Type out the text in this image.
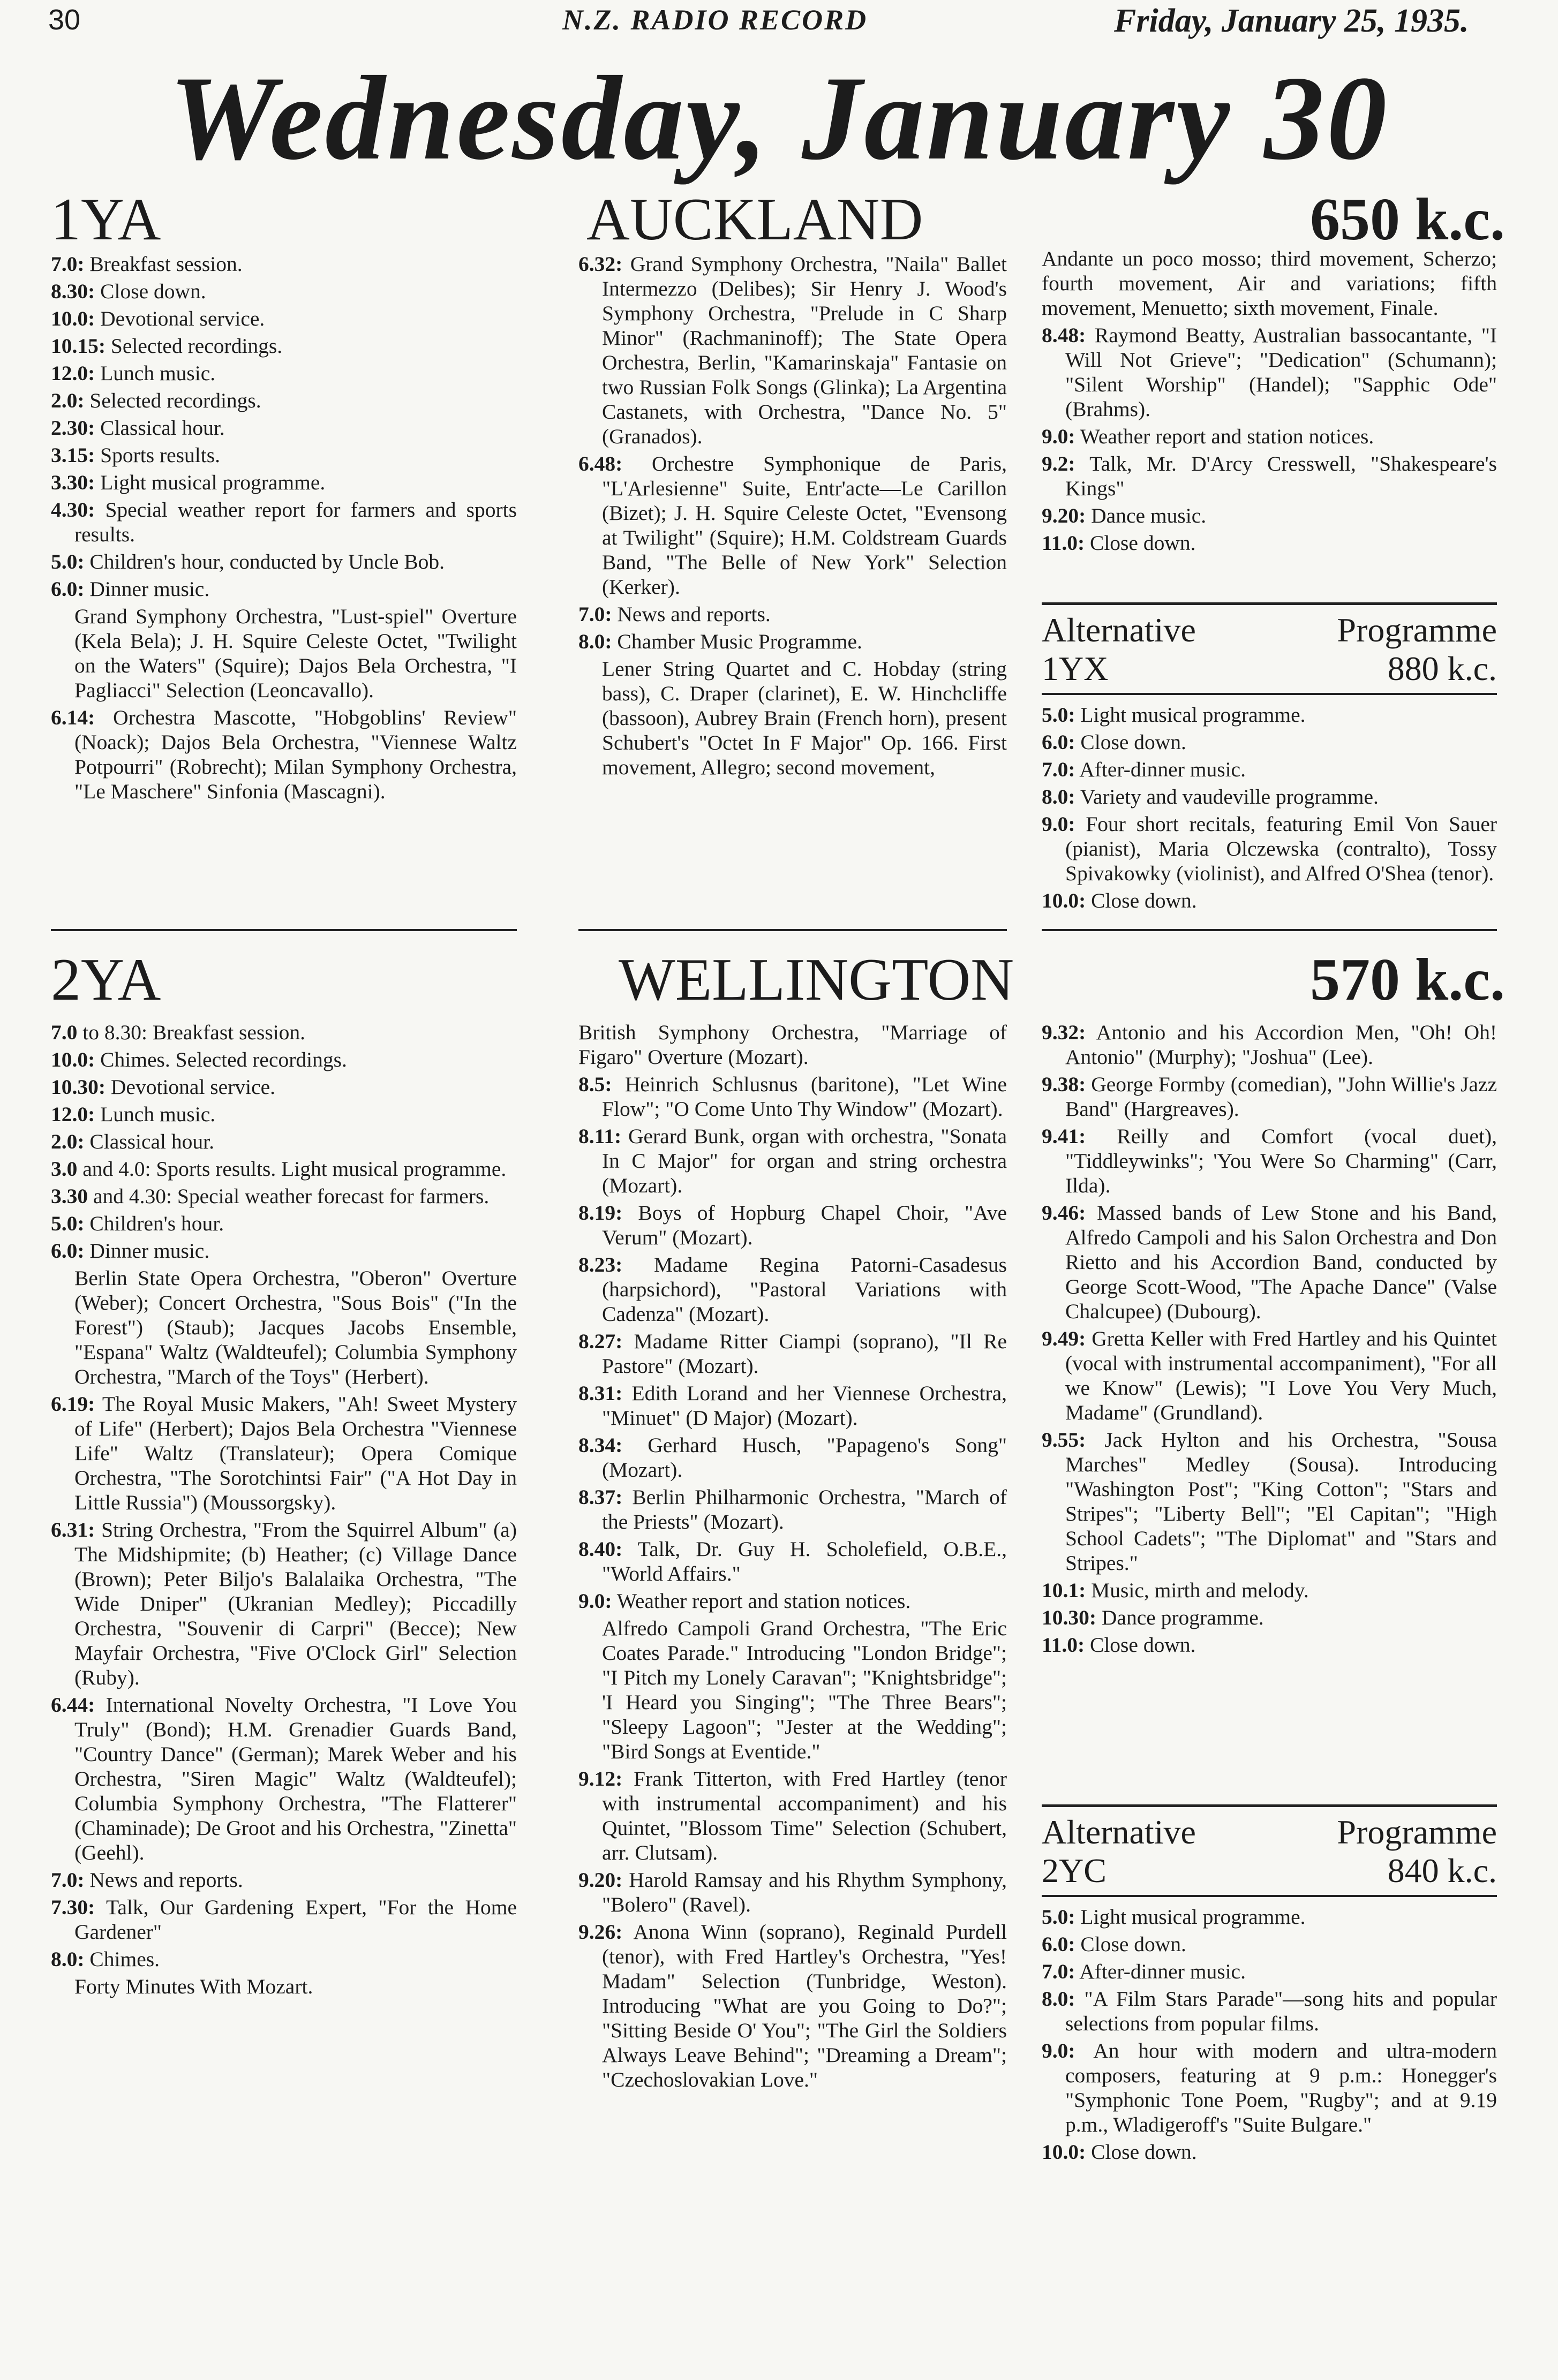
30	N.Z. RADIO RECORD	Friday, January 25, 1935.
Wednesday, January 30
1YA	AUCKLAND	650 k.c.

7.0: Breakfast session.

8.30: Close down.

10.0: Devotional service.

10.15: Selected recordings.

12.0: Lunch music.

2.0: Selected recordings.

2.30: Classical hour.

3.15: Sports results.

3.30: Light musical programme.

4.30: Special weather report for farmers and sports results.

5.0: Children's hour, conducted by Uncle Bob.

6.0: Dinner music.

Grand Symphony Orchestra, "Lust-spiel" Overture (Kela Bela); J. H. Squire Celeste Octet, "Twilight on the Waters" (Squire); Dajos Bela Orchestra, "I Pagliacci" Selection (Leoncavallo).

6.14: Orchestra Mascotte, "Hobgoblins' Review" (Noack); Dajos Bela Orchestra, "Viennese Waltz Potpourri" (Robrecht); Milan Symphony Orchestra, "Le Maschere" Sinfonia (Mascagni).

6.32: Grand Symphony Orchestra, "Naila" Ballet Intermezzo (Delibes); Sir Henry J. Wood's Symphony Orchestra, "Prelude in C Sharp Minor" (Rachmaninoff); The State Opera Orchestra, Berlin, "Kamarinskaja" Fantasie on two Russian Folk Songs (Glinka); La Argentina Castanets, with Orchestra, "Dance No. 5" (Granados).

6.48: Orchestre Symphonique de Paris, "L'Arlesienne" Suite, Entr'acte—Le Carillon (Bizet); J. H. Squire Celeste Octet, "Evensong at Twilight" (Squire); H.M. Coldstream Guards Band, "The Belle of New York" Selection (Kerker).

7.0: News and reports.

8.0: Chamber Music Programme.

Lener String Quartet and C. Hobday (string bass), C. Draper (clarinet), E. W. Hinchcliffe (bassoon), Aubrey Brain (French horn), present Schubert's "Octet In F Major" Op. 166. First movement, Allegro; second movement,

Andante un poco mosso; third movement, Scherzo; fourth movement, Air and variations; fifth movement, Menuetto; sixth movement, Finale.

8.48: Raymond Beatty, Australian bassocantante, "I Will Not Grieve"; "Dedication" (Schumann); "Silent Worship" (Handel); "Sapphic Ode" (Brahms).

9.0: Weather report and station notices.

9.2: Talk, Mr. D'Arcy Cresswell, "Shakespeare's Kings"

9.20: Dance music.

11.0: Close down.

Alternative	Programme
1YX	880 k.c.

5.0: Light musical programme.

6.0: Close down.

7.0: After-dinner music.

8.0: Variety and vaudeville programme.

9.0: Four short recitals, featuring Emil Von Sauer (pianist), Maria Olczewska (contralto), Tossy Spivakowky (violinist), and Alfred O'Shea (tenor).

10.0: Close down.

2YA	WELLINGTON	570 k.c.

7.0 to 8.30: Breakfast session.

10.0: Chimes. Selected recordings.

10.30: Devotional service.

12.0: Lunch music.

2.0: Classical hour.

3.0 and 4.0: Sports results. Light musical programme.

3.30 and 4.30: Special weather forecast for farmers.

5.0: Children's hour.

6.0: Dinner music.

Berlin State Opera Orchestra, "Oberon" Overture (Weber); Concert Orchestra, "Sous Bois" ("In the Forest") (Staub); Jacques Jacobs Ensemble, "Espana" Waltz (Waldteufel); Columbia Symphony Orchestra, "March of the Toys" (Herbert).

6.19: The Royal Music Makers, "Ah! Sweet Mystery of Life" (Herbert); Dajos Bela Orchestra "Viennese Life" Waltz (Translateur); Opera Comique Orchestra, "The Sorotchintsi Fair" ("A Hot Day in Little Russia") (Moussorgsky).

6.31: String Orchestra, "From the Squirrel Album" (a) The Midshipmite; (b) Heather; (c) Village Dance (Brown); Peter Biljo's Balalaika Orchestra, "The Wide Dniper" (Ukranian Medley); Piccadilly Orchestra, "Souvenir di Carpri" (Becce); New Mayfair Orchestra, "Five O'Clock Girl" Selection (Ruby).

6.44: International Novelty Orchestra, "I Love You Truly" (Bond); H.M. Grenadier Guards Band, "Country Dance" (German); Marek Weber and his Orchestra, "Siren Magic" Waltz (Waldteufel); Columbia Symphony Orchestra, "The Flatterer" (Chaminade); De Groot and his Orchestra, "Zinetta" (Geehl).

7.0: News and reports.

7.30: Talk, Our Gardening Expert, "For the Home Gardener"

8.0: Chimes.

Forty Minutes With Mozart.

British Symphony Orchestra, "Marriage of Figaro" Overture (Mozart).

8.5: Heinrich Schlusnus (baritone), "Let Wine Flow"; "O Come Unto Thy Window" (Mozart).

8.11: Gerard Bunk, organ with orchestra, "Sonata In C Major" for organ and string orchestra (Mozart).

8.19: Boys of Hopburg Chapel Choir, "Ave Verum" (Mozart).

8.23: Madame Regina Patorni-Casadesus (harpsichord), "Pastoral Variations with Cadenza" (Mozart).

8.27: Madame Ritter Ciampi (soprano), "Il Re Pastore" (Mozart).

8.31: Edith Lorand and her Viennese Orchestra, "Minuet" (D Major) (Mozart).

8.34: Gerhard Husch, "Papageno's Song" (Mozart).

8.37: Berlin Philharmonic Orchestra, "March of the Priests" (Mozart).

8.40: Talk, Dr. Guy H. Scholefield, O.B.E., "World Affairs."

9.0: Weather report and station notices.

Alfredo Campoli Grand Orchestra, "The Eric Coates Parade." Introducing "London Bridge"; "I Pitch my Lonely Caravan"; "Knightsbridge"; 'I Heard you Singing"; "The Three Bears"; "Sleepy Lagoon"; "Jester at the Wedding"; "Bird Songs at Eventide."

9.12: Frank Titterton, with Fred Hartley (tenor with instrumental accompaniment) and his Quintet, "Blossom Time" Selection (Schubert, arr. Clutsam).

9.20: Harold Ramsay and his Rhythm Symphony, "Bolero" (Ravel).

9.26: Anona Winn (soprano), Reginald Purdell (tenor), with Fred Hartley's Orchestra, "Yes! Madam" Selection (Tunbridge, Weston). Introducing "What are you Going to Do?"; "Sitting Beside O' You"; "The Girl the Soldiers Always Leave Behind"; "Dreaming a Dream"; "Czechoslovakian Love."

9.32: Antonio and his Accordion Men, "Oh! Oh! Antonio" (Murphy); "Joshua" (Lee).

9.38: George Formby (comedian), "John Willie's Jazz Band" (Hargreaves).

9.41: Reilly and Comfort (vocal duet), "Tiddleywinks"; 'You Were So Charming" (Carr, Ilda).

9.46: Massed bands of Lew Stone and his Band, Alfredo Campoli and his Salon Orchestra and Don Rietto and his Accordion Band, conducted by George Scott-Wood, "The Apache Dance" (Valse Chalcupee) (Dubourg).

9.49: Gretta Keller with Fred Hartley and his Quintet (vocal with instrumental accompaniment), "For all we Know" (Lewis); "I Love You Very Much, Madame" (Grundland).

9.55: Jack Hylton and his Orchestra, "Sousa Marches" Medley (Sousa). Introducing "Washington Post"; "King Cotton"; "Stars and Stripes"; "Liberty Bell"; "El Capitan"; "High School Cadets"; "The Diplomat" and "Stars and Stripes."

10.1: Music, mirth and melody.

10.30: Dance programme.

11.0: Close down.

Alternative	Programme
2YC	840 k.c.

5.0: Light musical programme.

6.0: Close down.

7.0: After-dinner music.

8.0: "A Film Stars Parade"—song hits and popular selections from popular films.

9.0: An hour with modern and ultra-modern composers, featuring at 9 p.m.: Honegger's "Symphonic Tone Poem, "Rugby"; and at 9.19 p.m., Wladigeroff's "Suite Bulgare."

10.0: Close down.
